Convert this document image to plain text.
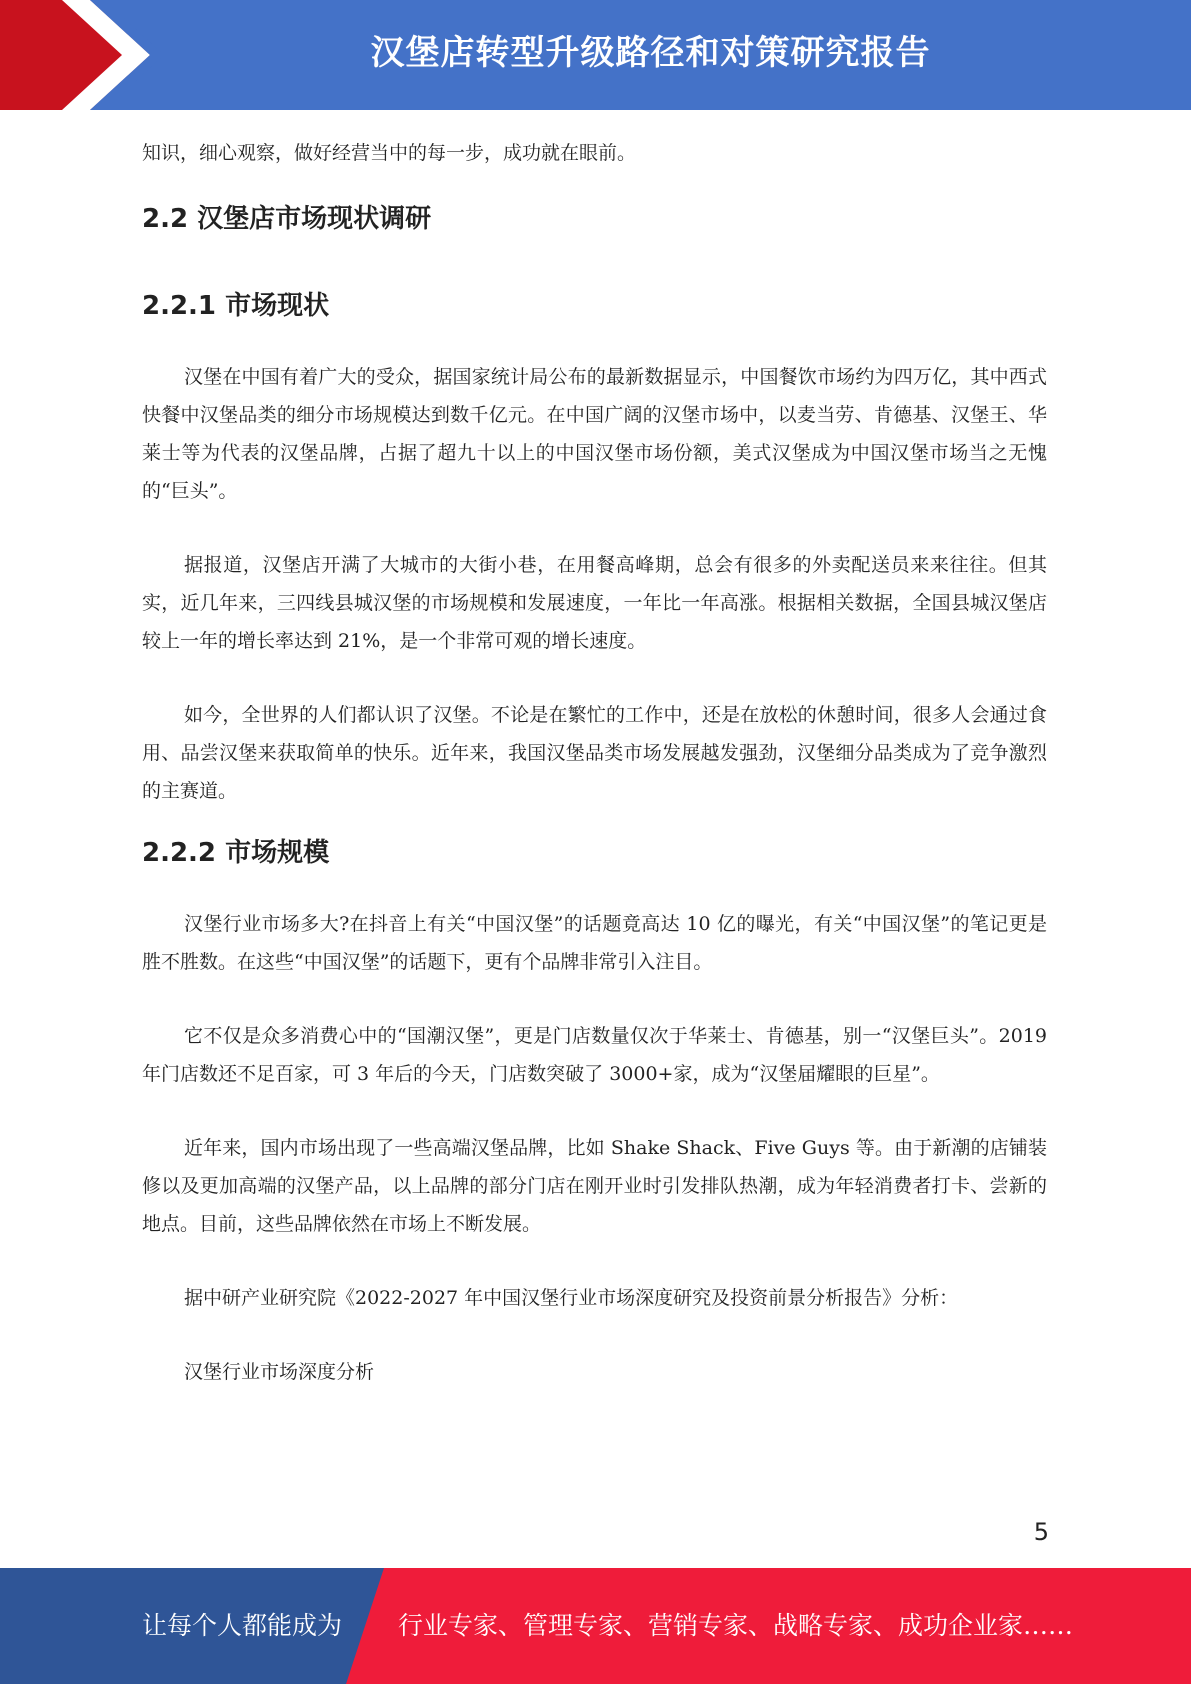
汉堡店转型升级路径和对策研究报告

知识，细心观察，做好经营当中的每一步，成功就在眼前。

2.2 汉堡店市场现状调研
2.2.1 市场现状

汉堡在中国有着广大的受众，据国家统计局公布的最新数据显示，中国餐饮市场约为四万亿，其中西式快餐中汉堡品类的细分市场规模达到数千亿元。在中国广阔的汉堡市场中，以麦当劳、肯德基、汉堡王、华莱士等为代表的汉堡品牌，占据了超九十以上的中国汉堡市场份额，美式汉堡成为中国汉堡市场当之无愧的“巨头”。

据报道，汉堡店开满了大城市的大街小巷，在用餐高峰期，总会有很多的外卖配送员来来往往。但其实，近几年来，三四线县城汉堡的市场规模和发展速度，一年比一年高涨。根据相关数据，全国县城汉堡店较上一年的增长率达到 21%，是一个非常可观的增长速度。

如今，全世界的人们都认识了汉堡。不论是在繁忙的工作中，还是在放松的休憩时间，很多人会通过食用、品尝汉堡来获取简单的快乐。近年来，我国汉堡品类市场发展越发强劲，汉堡细分品类成为了竞争激烈的主赛道。

2.2.2 市场规模

汉堡行业市场多大?在抖音上有关“中国汉堡”的话题竟高达 10 亿的曝光，有关“中国汉堡”的笔记更是胜不胜数。在这些“中国汉堡”的话题下，更有个品牌非常引入注目。

它不仅是众多消费心中的“国潮汉堡”，更是门店数量仅次于华莱士、肯德基，别一“汉堡巨头”。2019 年门店数还不足百家，可 3 年后的今天，门店数突破了 3000+家，成为“汉堡届耀眼的巨星”。

近年来，国内市场出现了一些高端汉堡品牌，比如 Shake Shack、Five Guys 等。由于新潮的店铺装修以及更加高端的汉堡产品，以上品牌的部分门店在刚开业时引发排队热潮，成为年轻消费者打卡、尝新的地点。目前，这些品牌依然在市场上不断发展。

据中研产业研究院《2022-2027 年中国汉堡行业市场深度研究及投资前景分析报告》分析：

汉堡行业市场深度分析

5
让每个人都能成为 行业专家、管理专家、营销专家、战略专家、成功企业家……
